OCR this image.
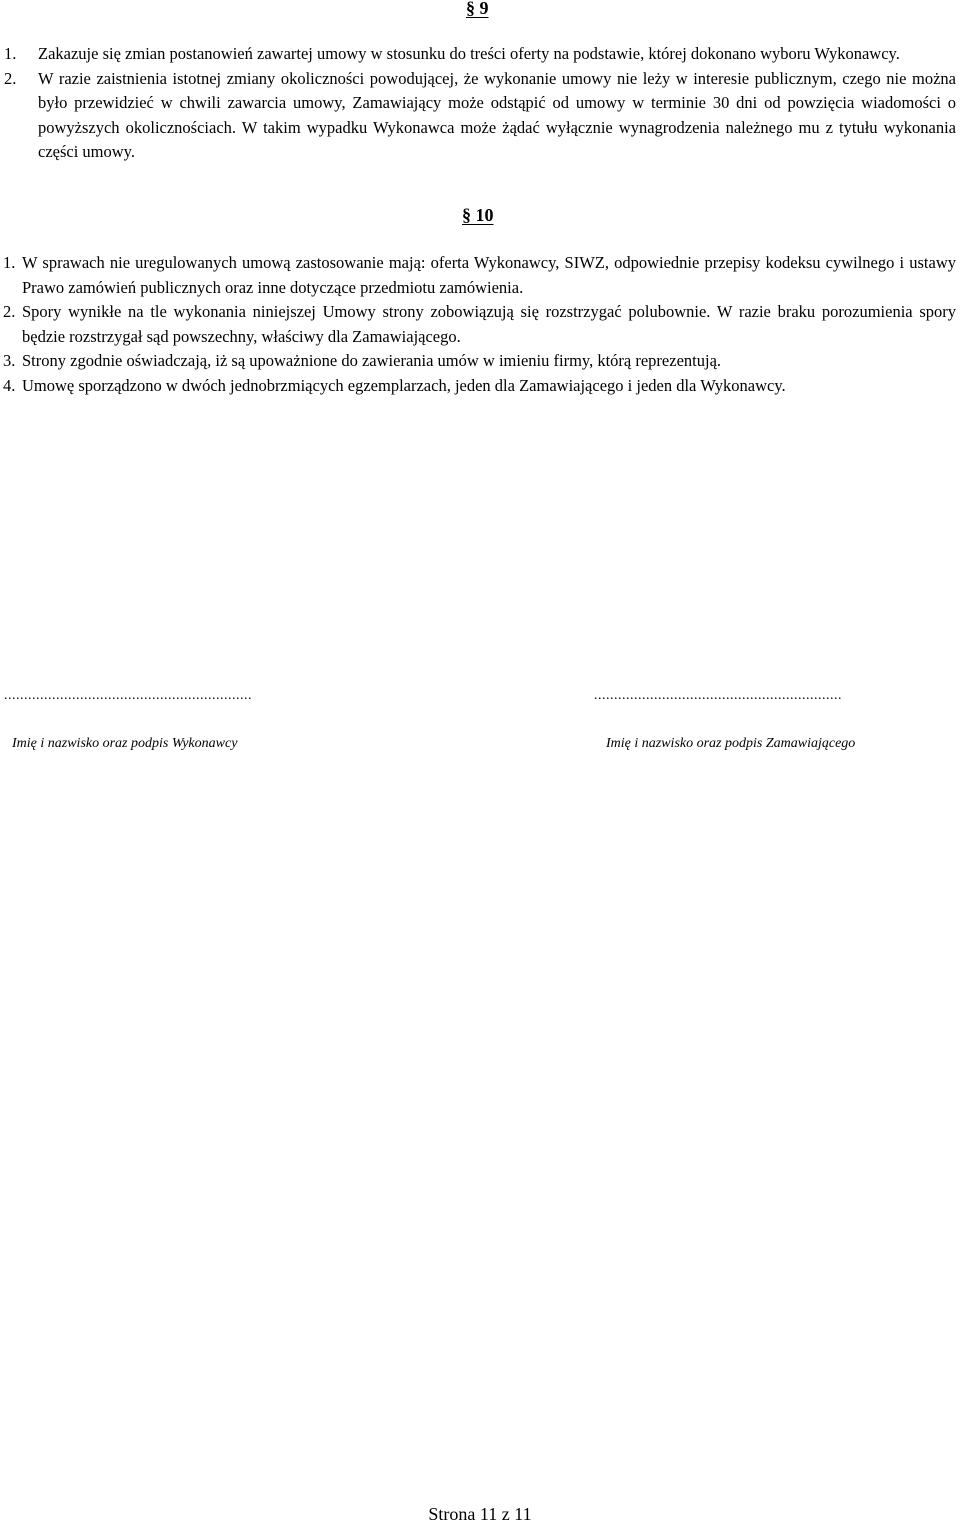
§ 9
1. Zakazuje się zmian postanowień zawartej umowy w stosunku do treści oferty na podstawie, której dokonano wyboru Wykonawcy.
2. W razie zaistnienia istotnej zmiany okoliczności powodującej, że wykonanie umowy nie leży w interesie publicznym, czego nie można było przewidzieć w chwili zawarcia umowy, Zamawiający może odstąpić od umowy w terminie 30 dni od powzięcia wiadomości o powyższych okolicznościach. W takim wypadku Wykonawca może żądać wyłącznie wynagrodzenia należnego mu z tytułu wykonania części umowy.
§ 10
1. W sprawach nie uregulowanych umową zastosowanie mają: oferta Wykonawcy, SIWZ, odpowiednie przepisy kodeksu cywilnego i ustawy Prawo zamówień publicznych oraz inne dotyczące przedmiotu zamówienia.
2. Spory wynikłe na tle wykonania niniejszej Umowy strony zobowiązują się rozstrzygać polubownie. W razie braku porozumienia spory będzie rozstrzygał sąd powszechny, właściwy dla Zamawiającego.
3. Strony zgodnie oświadczają, iż są upoważnione do zawierania umów w imieniu firmy, którą reprezentują.
4. Umowę sporządzono w dwóch jednobrzmiących egzemplarzach, jeden dla Zamawiającego i jeden dla Wykonawcy.
..............................................................
Imię i nazwisko oraz podpis Wykonawcy
..............................................................
Imię i nazwisko oraz podpis Zamawiającego
Strona 11 z 11
